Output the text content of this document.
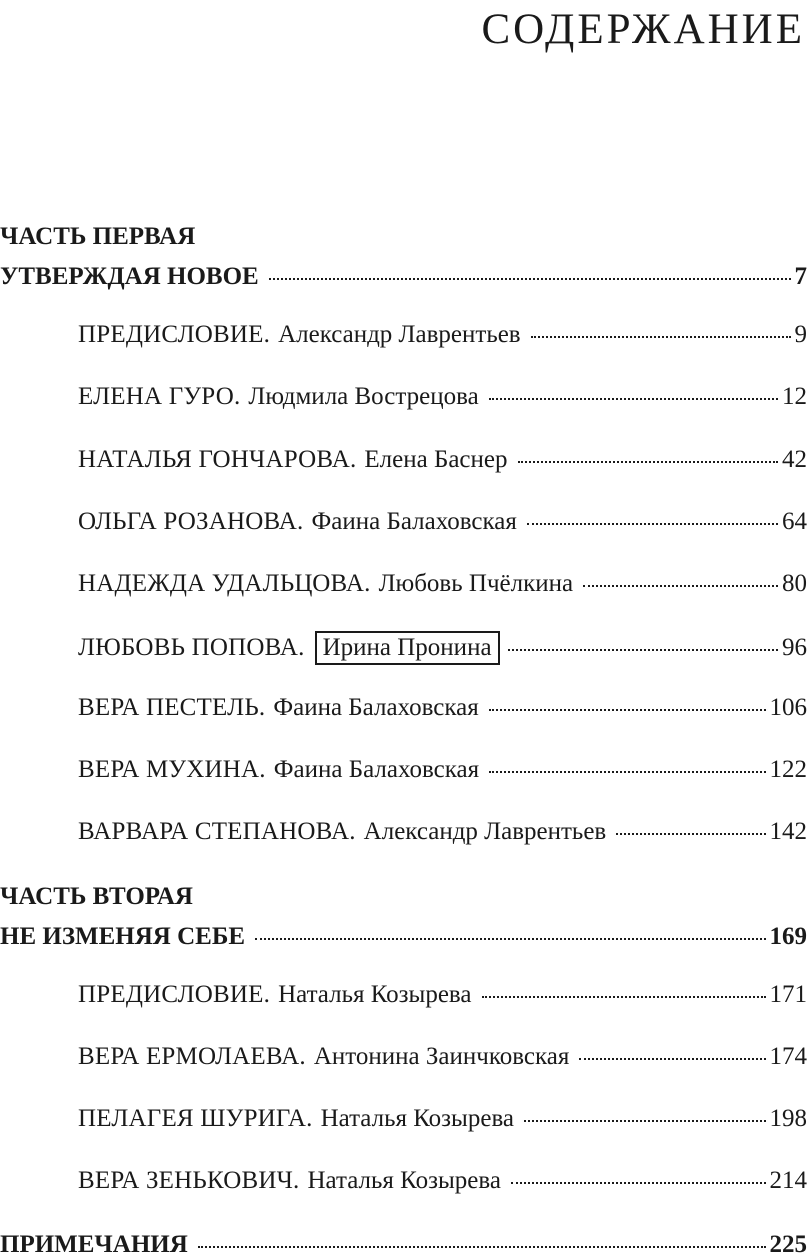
содержание
ЧАСТЬ ПЕРВАЯ
УТВЕРЖДАЯ НОВОЕ	7
ПРЕДИСЛОВИЕ. Александр Лаврентьев	9
ЕЛЕНА ГУРО. Людмила Вострецова	12
НАТАЛЬЯ ГОНЧАРОВА. Елена Баснер	42
ОЛЬГА РОЗАНОВА. Фаина Балаховская	64
НАДЕЖДА УДАЛЬЦОВА. Любовь Пчёлкина	80
ЛЮБОВЬ ПОПОВА. Ирина Пронина	96
ВЕРА ПЕСТЕЛЬ. Фаина Балаховская	106
ВЕРА МУХИНА. Фаина Балаховская	122
ВАРВАРА СТЕПАНОВА. Александр Лаврентьев	142
ЧАСТЬ ВТОРАЯ
НЕ ИЗМЕНЯЯ СЕБЕ	169
ПРЕДИСЛОВИЕ. Наталья Козырева	171
ВЕРА ЕРМОЛАЕВА. Антонина Заинчковская	174
ПЕЛАГЕЯ ШУРИГА. Наталья Козырева	198
ВЕРА ЗЕНЬКОВИЧ. Наталья Козырева	214
ПРИМЕЧАНИЯ	225
